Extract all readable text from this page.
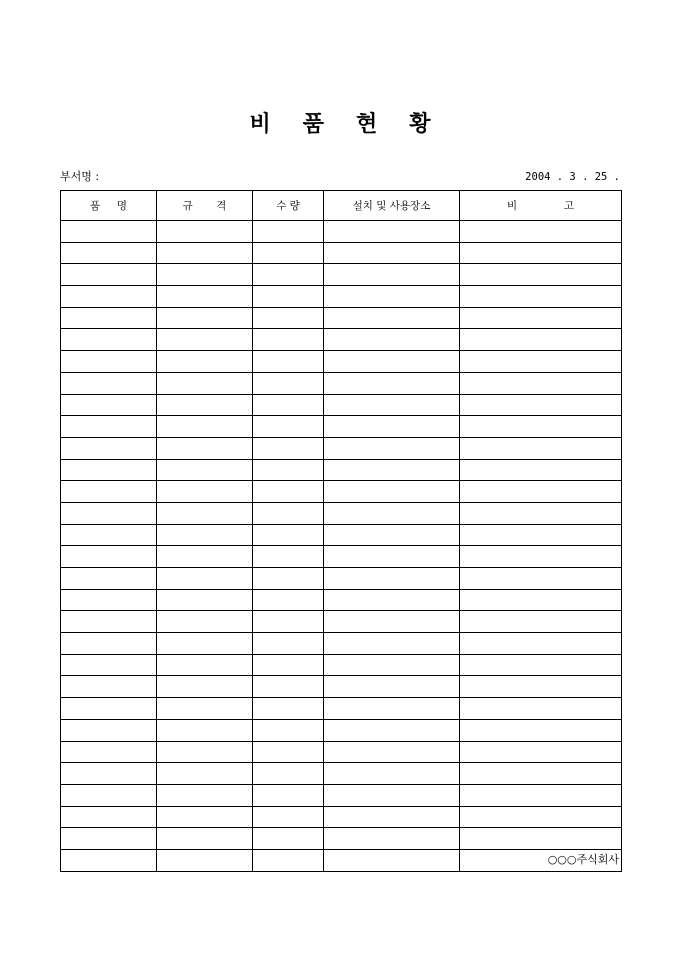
비 품 현 황
부서명 :	2004 . 3 . 25 .
품     명	규       격	수 량	설치 및 사용장소	비              고

○○○주식회사
